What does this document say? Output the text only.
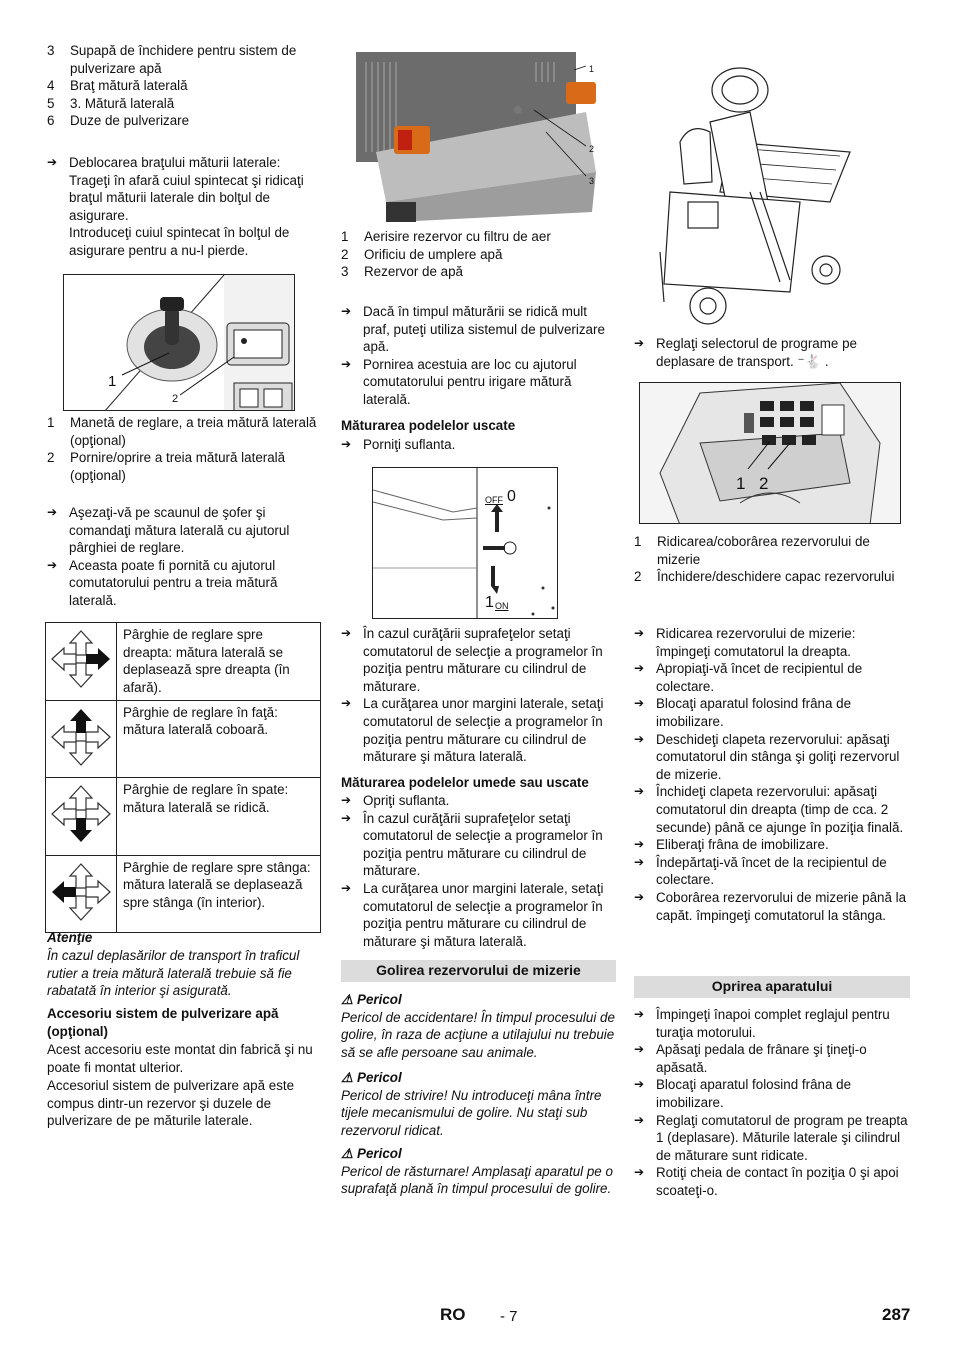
3	Supapă de închidere pentru sistem de pulverizare apă
4	Braţ mătură laterală
5	3. Mătură laterală
6	Duze de pulverizare
➔ Deblocarea braţului măturii laterale: Trageţi în afară cuiul spintecat şi ridicaţi braţul măturii laterale din bolţul de asigurare.
Introduceţi cuiul spintecat în bolţul de asigurare pentru a nu-l pierde.
1
2
1	Manetă de reglare, a treia mătură laterală (opţional)
2	Pornire/oprire a treia mătură laterală (opţional)
➔ Aşezaţi-vă pe scaunul de şofer şi comandaţi mătura laterală cu ajutorul pârghiei de reglare.
➔ Aceasta poate fi pornită cu ajutorul comutatorului pentru a treia mătură laterală.
	Pârghie de reglare spre dreapta: mătura laterală se deplasează spre dreapta (în afară).
	Pârghie de reglare în faţă: mătura laterală coboară.
	Pârghie de reglare în spate: mătura laterală se ridică.
	Pârghie de reglare spre stânga: mătura laterală se deplasează spre stânga (în interior).
Atenţie
În cazul deplasărilor de transport în traficul rutier a treia mătură laterală trebuie să fie rabatată în interior şi asigurată.
Accesoriu sistem de pulverizare apă (opţional)
Acest accesoriu este montat din fabrică şi nu poate fi montat ulterior.
Accesoriul sistem de pulverizare apă este compus dintr-un rezervor şi duzele de pulverizare de pe măturile laterale.
1
2
3
1	Aerisire rezervor cu filtru de aer
2	Orificiu de umplere apă
3	Rezervor de apă
➔ Dacă în timpul măturării se ridică mult praf, puteţi utiliza sistemul de pulverizare apă.
➔ Pornirea acestuia are loc cu ajutorul comutatorului pentru irigare mătură laterală.
Măturarea podelelor uscate
➔ Porniţi suflanta.
OFF 0
1 ON
➔ În cazul curăţării suprafeţelor setaţi comutatorul de selecţie a programelor în poziţia pentru măturare cu cilindrul de măturare.
➔ La curăţarea unor margini laterale, setaţi comutatorul de selecţie a programelor în poziţia pentru măturare cu cilindrul de măturare şi mătura laterală.
Măturarea podelelor umede sau uscate
➔ Opriţi suflanta.
➔ În cazul curăţării suprafeţelor setaţi comutatorul de selecţie a programelor în poziţia pentru măturare cu cilindrul de măturare.
➔ La curăţarea unor margini laterale, setaţi comutatorul de selecţie a programelor în poziţia pentru măturare cu cilindrul de măturare şi mătura laterală.
Golirea rezervorului de mizerie
⚠ Pericol
Pericol de accidentare! În timpul procesului de golire, în raza de acţiune a utilajului nu trebuie să se afle persoane sau animale.
⚠ Pericol
Pericol de strivire! Nu introduceţi mâna între tijele mecanismului de golire. Nu staţi sub rezervorul ridicat.
⚠ Pericol
Pericol de răsturnare! Amplasaţi aparatul pe o suprafaţă plană în timpul procesului de golire.
➔ Reglaţi selectorul de programe pe deplasare de transport. ⁻🐇 .
1 2
1	Ridicarea/coborârea rezervorului de mizerie
2	Închidere/deschidere capac rezervorului
➔ Ridicarea rezervorului de mizerie: împingeţi comutatorul la dreapta.
➔ Apropiaţi-vă încet de recipientul de colectare.
➔ Blocaţi aparatul folosind frâna de imobilizare.
➔ Deschideţi clapeta rezervorului: apăsaţi comutatorul din stânga şi goliţi rezervorul de mizerie.
➔ Închideţi clapeta rezervorului: apăsaţi comutatorul din dreapta (timp de cca. 2 secunde) până ce ajunge în poziţia finală.
➔ Eliberaţi frâna de imobilizare.
➔ Îndepărtaţi-vă încet de la recipientul de colectare.
➔ Coborârea rezervorului de mizerie până la capăt. împingeţi comutatorul la stânga.
Oprirea aparatului
➔ Împingeţi înapoi complet reglajul pentru turaţia motorului.
➔ Apăsaţi pedala de frânare şi ţineţi-o apăsată.
➔ Blocaţi aparatul folosind frâna de imobilizare.
➔ Reglaţi comutatorul de program pe treapta 1 (deplasare). Măturile laterale şi cilindrul de măturare sunt ridicate.
➔ Rotiţi cheia de contact în poziţia 0 şi apoi scoateţi-o.
RO - 7	287
